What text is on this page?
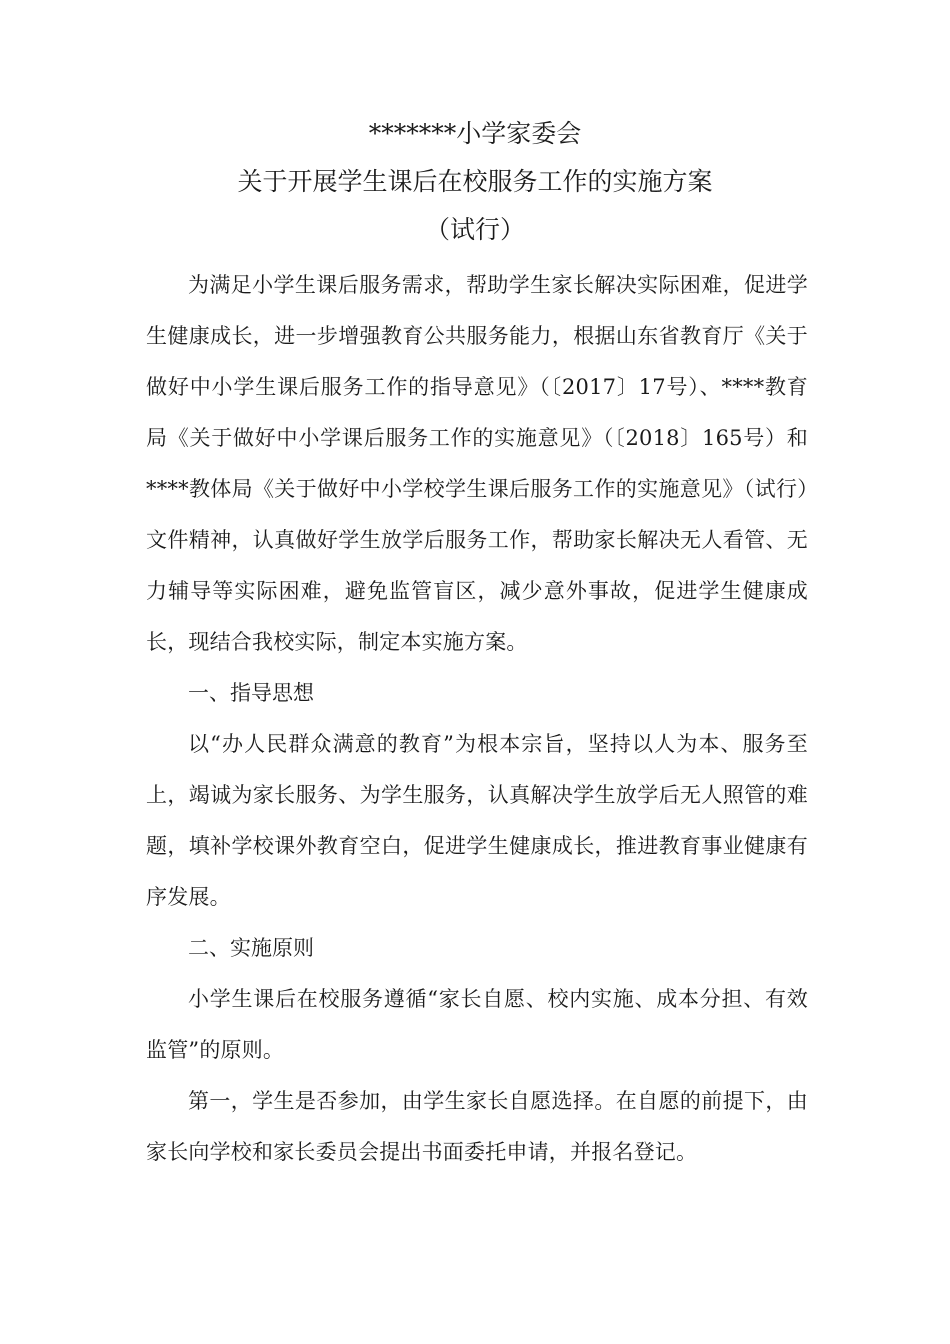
*******小学家委会
关于开展学生课后在校服务工作的实施方案
（试行）

为满足小学生课后服务需求，帮助学生家长解决实际困难，促进学生健康成长，进一步增强教育公共服务能力，根据山东省教育厅《关于做好中小学生课后服务工作的指导意见》（〔2017〕17号）、****教育局《关于做好中小学课后服务工作的实施意见》（〔2018〕165号）和****教体局《关于做好中小学校学生课后服务工作的实施意见》（试行）文件精神，认真做好学生放学后服务工作，帮助家长解决无人看管、无力辅导等实际困难，避免监管盲区，减少意外事故，促进学生健康成长，现结合我校实际，制定本实施方案。

一、指导思想

以“办人民群众满意的教育”为根本宗旨，坚持以人为本、服务至上，竭诚为家长服务、为学生服务，认真解决学生放学后无人照管的难题，填补学校课外教育空白，促进学生健康成长，推进教育事业健康有序发展。

二、实施原则

小学生课后在校服务遵循“家长自愿、校内实施、成本分担、有效监管”的原则。

第一，学生是否参加，由学生家长自愿选择。在自愿的前提下，由家长向学校和家长委员会提出书面委托申请，并报名登记。
